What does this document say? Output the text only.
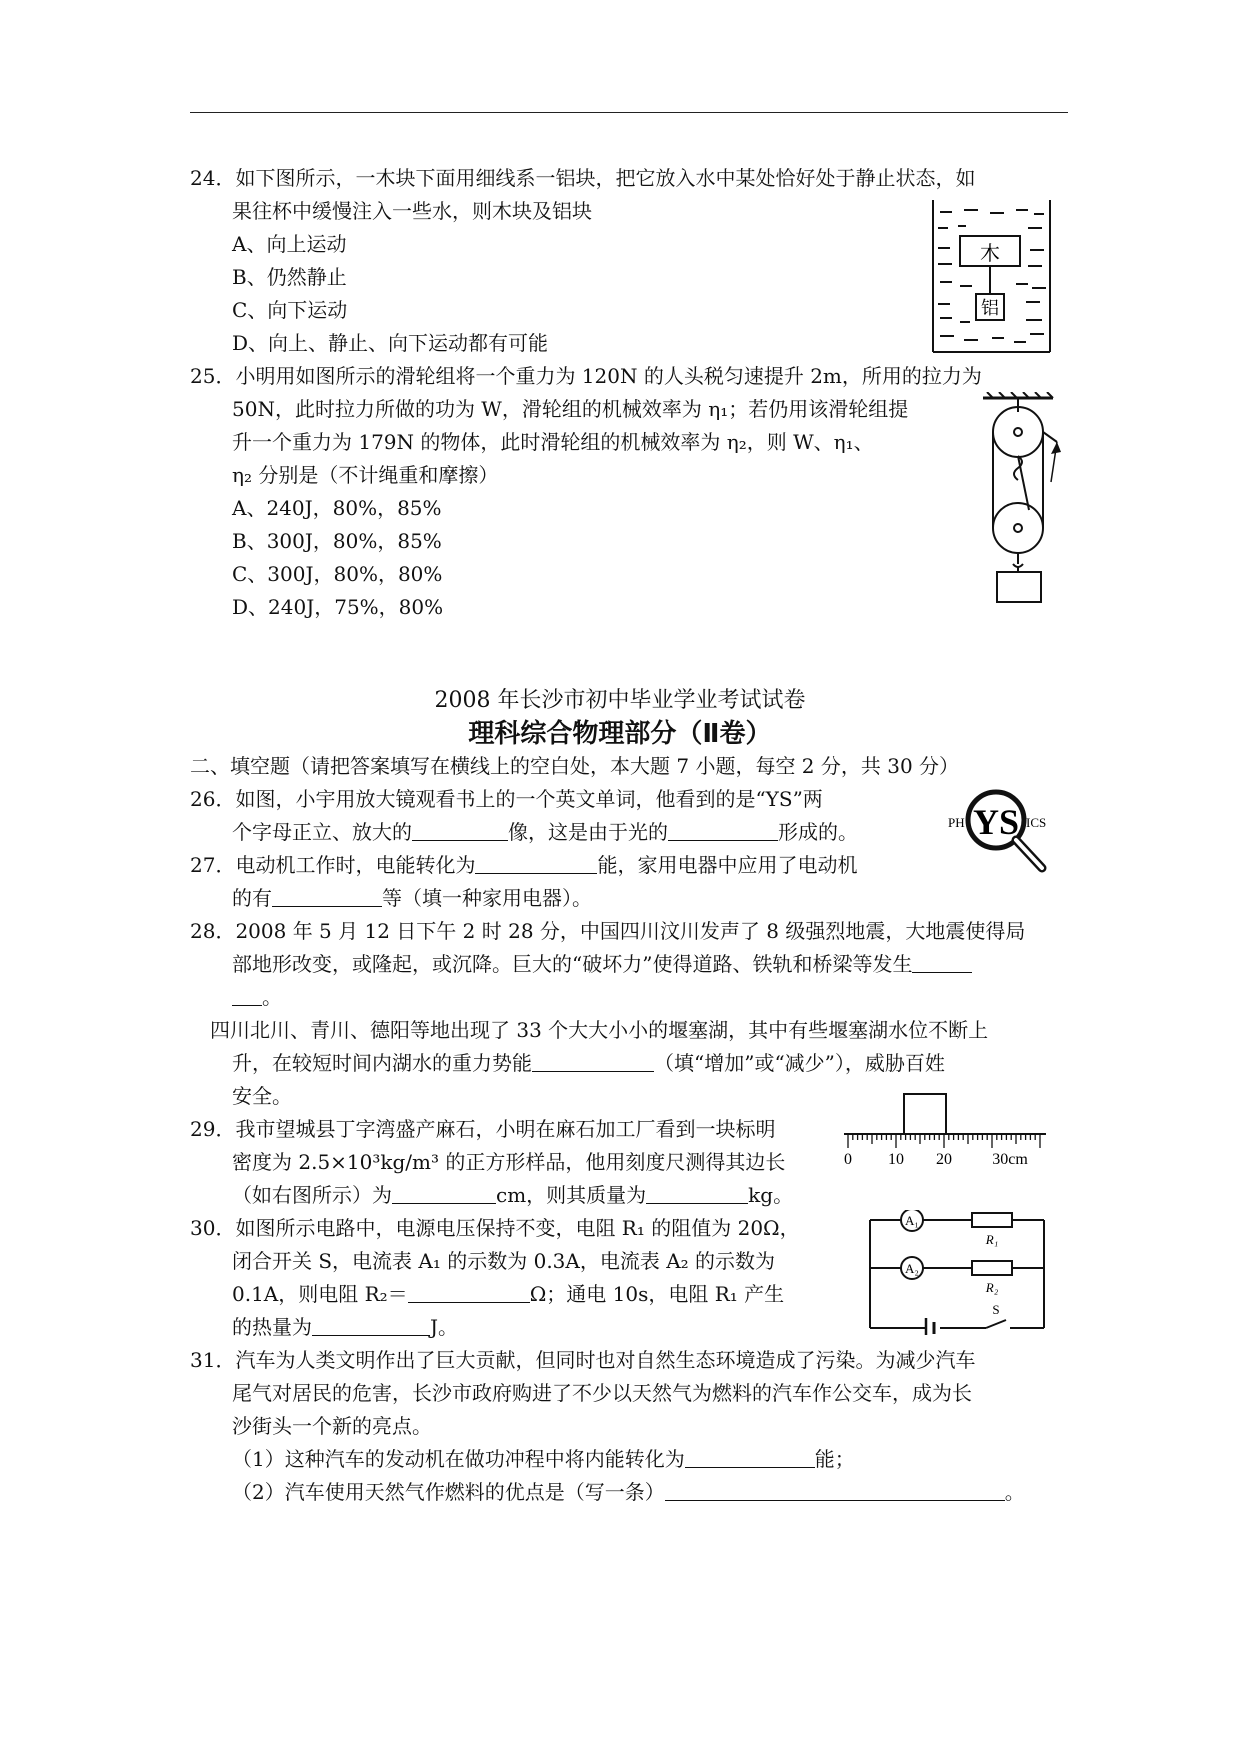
24．如下图所示，一木块下面用细线系一铝块，把它放入水中某处恰好处于静止状态，如
果往杯中缓慢注入一些水，则木块及铝块
A、向上运动
B、仍然静止
C、向下运动
D、向上、静止、向下运动都有可能
木
铝
25．小明用如图所示的滑轮组将一个重力为 120N 的人头税匀速提升 2m，所用的拉力为
50N，此时拉力所做的功为 W，滑轮组的机械效率为 η₁；若仍用该滑轮组提
升一个重力为 179N 的物体，此时滑轮组的机械效率为 η₂，则 W、η₁、
η₂ 分别是（不计绳重和摩擦）
A、240J，80%，85%
B、300J，80%，85%
C、300J，80%，80%
D、240J，75%，80%
2008 年长沙市初中毕业学业考试试卷
理科综合物理部分（Ⅱ卷）
二、填空题（请把答案填写在横线上的空白处，本大题 7 小题，每空 2 分，共 30 分）
26．如图，小宇用放大镜观看书上的一个英文单词，他看到的是“YS”两
个字母正立、放大的	像，这是由于光的	形成的。	PH YS ICS
27．电动机工作时，电能转化为	能，家用电器中应用了电动机
的有	等（填一种家用电器）。
28．2008 年 5 月 12 日下午 2 时 28 分，中国四川汶川发声了 8 级强烈地震，大地震使得局
部地形改变，或隆起，或沉降。巨大的“破坏力”使得道路、铁轨和桥梁等发生
。
四川北川、青川、德阳等地出现了 33 个大大小小的堰塞湖，其中有些堰塞湖水位不断上
升，在较短时间内湖水的重力势能	（填“增加”或“减少”），威胁百姓
安全。
29．我市望城县丁字湾盛产麻石，小明在麻石加工厂看到一块标明
密度为 2.5×10³kg/m³ 的正方形样品，他用刻度尺测得其边长
（如右图所示）为	cm，则其质量为	kg。
0 10 20	30cm
30．如图所示电路中，电源电压保持不变，电阻 R₁ 的阻值为 20Ω，
闭合开关 S，电流表 A₁ 的示数为 0.3A，电流表 A₂ 的示数为
0.1A，则电阻 R₂＝	Ω；通电 10s，电阻 R₁ 产生
的热量为	J。
A₁
A₂
R₁
R₂
S
31．汽车为人类文明作出了巨大贡献，但同时也对自然生态环境造成了污染。为减少汽车
尾气对居民的危害，长沙市政府购进了不少以天然气为燃料的汽车作公交车，成为长
沙街头一个新的亮点。
（1）这种汽车的发动机在做功冲程中将内能转化为	能；
（2）汽车使用天然气作燃料的优点是（写一条）	。
